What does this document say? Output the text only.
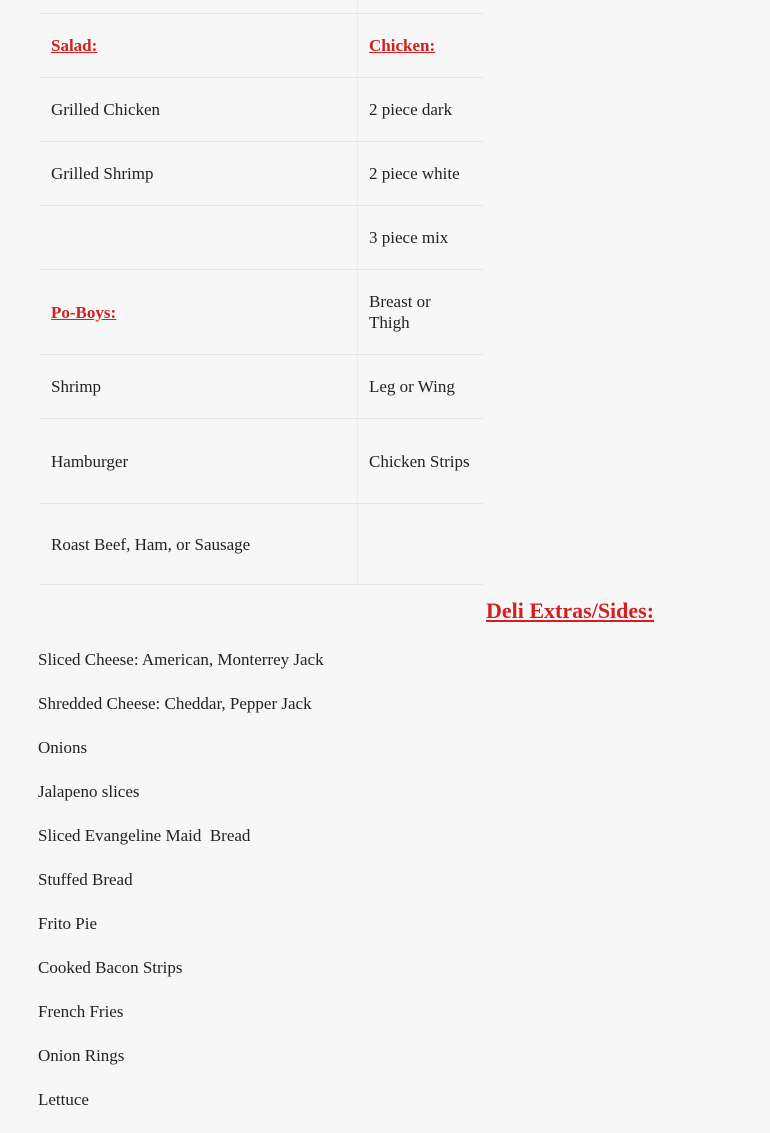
Salad:	Chicken:
Grilled Chicken	2 piece dark
Grilled Shrimp	2 piece white
	3 piece mix
Po-Boys:	Breast or Thigh
Shrimp	Leg or Wing
Hamburger	Chicken Strips
Roast Beef, Ham, or Sausage	
Deli Extras/Sides:
Sliced Cheese: American, Monterrey Jack
Shredded Cheese: Cheddar, Pepper Jack
Onions
Jalapeno slices
Sliced Evangeline Maid  Bread
Stuffed Bread
Frito Pie
Cooked Bacon Strips
French Fries
Onion Rings
Lettuce
